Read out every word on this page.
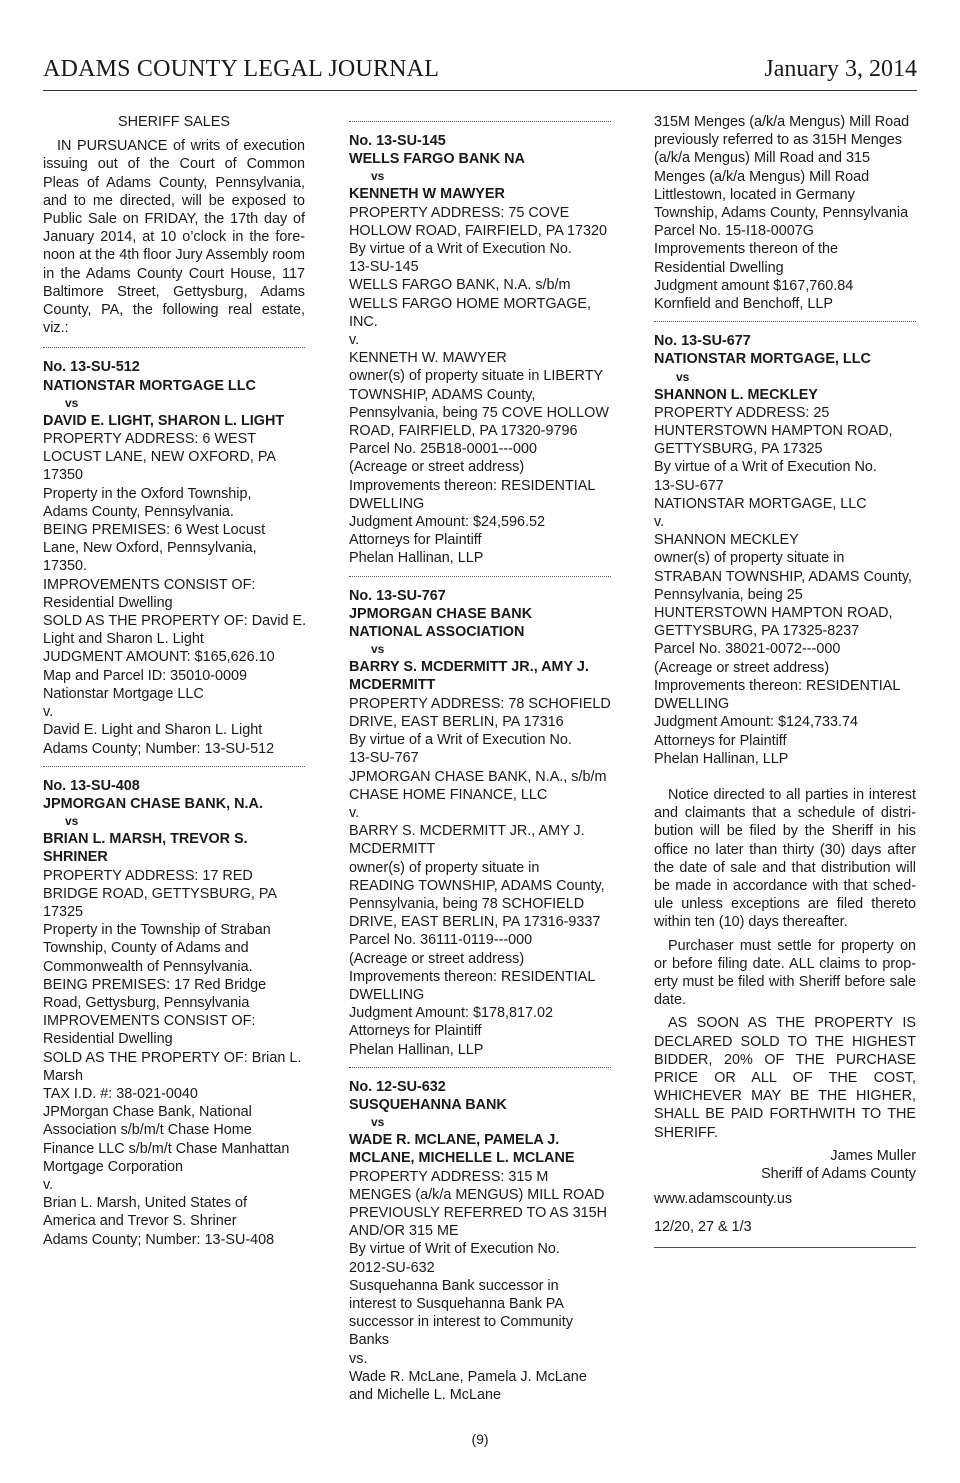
ADAMS COUNTY LEGAL JOURNAL	January 3, 2014
SHERIFF SALES
IN PURSUANCE of writs of execution issuing out of the Court of Common Pleas of Adams County, Pennsylvania, and to me directed, will be exposed to Public Sale on FRIDAY, the 17th day of January 2014, at 10 o’clock in the fore-noon at the 4th floor Jury Assembly room in the Adams County Court House, 117 Baltimore Street, Gettysburg, Adams County, PA, the following real estate, viz.:
No. 13-SU-512
NATIONSTAR MORTGAGE LLC
vs
DAVID E. LIGHT, SHARON L. LIGHT
PROPERTY ADDRESS: 6 WEST
LOCUST LANE, NEW OXFORD, PA
17350
Property in the Oxford Township,
Adams County, Pennsylvania.
BEING PREMISES: 6 West Locust
Lane, New Oxford, Pennsylvania,
17350.
IMPROVEMENTS CONSIST OF:
Residential Dwelling
SOLD AS THE PROPERTY OF: David E.
Light and Sharon L. Light
JUDGMENT AMOUNT: $165,626.10
Map and Parcel ID: 35010-0009
Nationstar Mortgage LLC
v.
David E. Light and Sharon L. Light
Adams County; Number: 13-SU-512
No. 13-SU-408
JPMORGAN CHASE BANK, N.A.
vs
BRIAN L. MARSH, TREVOR S.
SHRINER
PROPERTY ADDRESS: 17 RED
BRIDGE ROAD, GETTYSBURG, PA
17325
Property in the Township of Straban
Township, County of Adams and
Commonwealth of Pennsylvania.
BEING PREMISES: 17 Red Bridge
Road, Gettysburg, Pennsylvania
IMPROVEMENTS CONSIST OF:
Residential Dwelling
SOLD AS THE PROPERTY OF: Brian L.
Marsh
TAX I.D. #: 38-021-0040
JPMorgan Chase Bank, National
Association s/b/m/t Chase Home
Finance LLC s/b/m/t Chase Manhattan
Mortgage Corporation
v.
Brian L. Marsh, United States of
America and Trevor S. Shriner
Adams County; Number: 13-SU-408
No. 13-SU-145
WELLS FARGO BANK NA
vs
KENNETH W MAWYER
PROPERTY ADDRESS: 75 COVE
HOLLOW ROAD, FAIRFIELD, PA 17320
By virtue of a Writ of Execution No.
13-SU-145
WELLS FARGO BANK, N.A. s/b/m
WELLS FARGO HOME MORTGAGE,
INC.
v.
KENNETH W. MAWYER
owner(s) of property situate in LIBERTY
TOWNSHIP, ADAMS County,
Pennsylvania, being 75 COVE HOLLOW
ROAD, FAIRFIELD, PA 17320-9796
Parcel No. 25B18-0001---000
(Acreage or street address)
Improvements thereon: RESIDENTIAL
DWELLING
Judgment Amount: $24,596.52
Attorneys for Plaintiff
Phelan Hallinan, LLP
No. 13-SU-767
JPMORGAN CHASE BANK
NATIONAL ASSOCIATION
vs
BARRY S. MCDERMITT JR., AMY J.
MCDERMITT
PROPERTY ADDRESS: 78 SCHOFIELD
DRIVE, EAST BERLIN, PA 17316
By virtue of a Writ of Execution No.
13-SU-767
JPMORGAN CHASE BANK, N.A., s/b/m
CHASE HOME FINANCE, LLC
v.
BARRY S. MCDERMITT JR., AMY J.
MCDERMITT
owner(s) of property situate in
READING TOWNSHIP, ADAMS County,
Pennsylvania, being 78 SCHOFIELD
DRIVE, EAST BERLIN, PA 17316-9337
Parcel No. 36111-0119---000
(Acreage or street address)
Improvements thereon: RESIDENTIAL
DWELLING
Judgment Amount: $178,817.02
Attorneys for Plaintiff
Phelan Hallinan, LLP
No. 12-SU-632
SUSQUEHANNA BANK
vs
WADE R. MCLANE, PAMELA J.
MCLANE, MICHELLE L. MCLANE
PROPERTY ADDRESS: 315 M
MENGES (a/k/a MENGUS) MILL ROAD
PREVIOUSLY REFERRED TO AS 315H
AND/OR 315 ME
By virtue of Writ of Execution No.
2012-SU-632
Susquehanna Bank successor in
interest to Susquehanna Bank PA
successor in interest to Community
Banks
vs.
Wade R. McLane, Pamela J. McLane
and Michelle L. McLane
315M Menges (a/k/a Mengus) Mill Road
previously referred to as 315H Menges
(a/k/a Mengus) Mill Road and 315
Menges (a/k/a Mengus) Mill Road
Littlestown, located in Germany
Township, Adams County, Pennsylvania
Parcel No. 15-I18-0007G
Improvements thereon of the
Residential Dwelling
Judgment amount $167,760.84
Kornfield and Benchoff, LLP
No. 13-SU-677
NATIONSTAR MORTGAGE, LLC
vs
SHANNON L. MECKLEY
PROPERTY ADDRESS: 25
HUNTERSTOWN HAMPTON ROAD,
GETTYSBURG, PA 17325
By virtue of a Writ of Execution No.
13-SU-677
NATIONSTAR MORTGAGE, LLC
v.
SHANNON MECKLEY
owner(s) of property situate in
STRABAN TOWNSHIP, ADAMS County,
Pennsylvania, being 25
HUNTERSTOWN HAMPTON ROAD,
GETTYSBURG, PA 17325-8237
Parcel No. 38021-0072---000
(Acreage or street address)
Improvements thereon: RESIDENTIAL
DWELLING
Judgment Amount: $124,733.74
Attorneys for Plaintiff
Phelan Hallinan, LLP

Notice directed to all parties in interest and claimants that a schedule of distri-bution will be filed by the Sheriff in his office no later than thirty (30) days after the date of sale and that distribution will be made in accordance with that sched-ule unless exceptions are filed thereto within ten (10) days thereafter.

Purchaser must settle for property on or before filing date. ALL claims to prop-erty must be filed with Sheriff before sale date.

AS SOON AS THE PROPERTY IS DECLARED SOLD TO THE HIGHEST BIDDER, 20% OF THE PURCHASE PRICE OR ALL OF THE COST, WHICHEVER MAY BE THE HIGHER, SHALL BE PAID FORTHWITH TO THE SHERIFF.

James Muller
Sheriff of Adams County
www.adamscounty.us
12/20, 27 & 1/3
(9)
